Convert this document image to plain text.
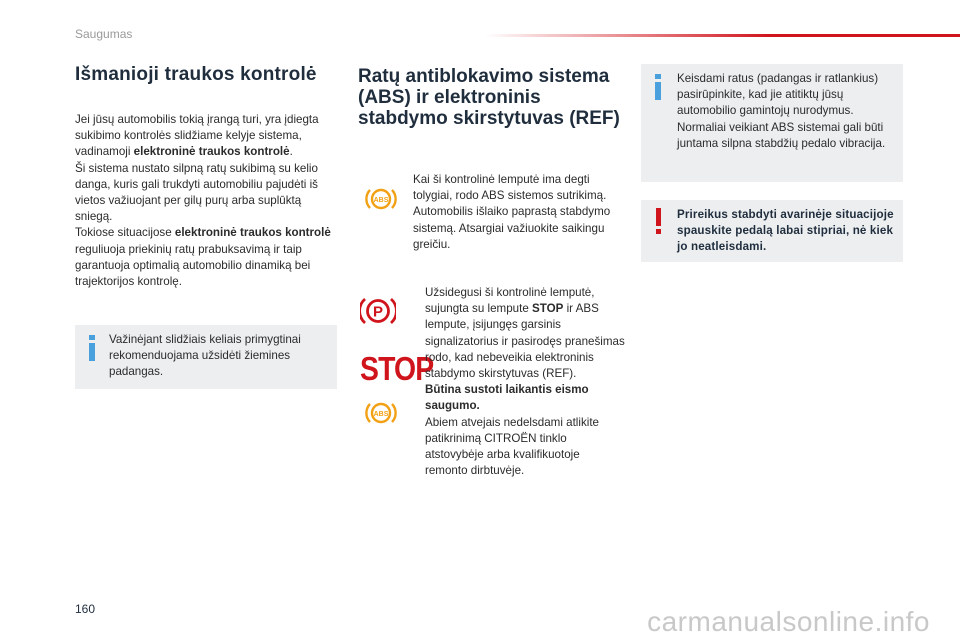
Saugumas
Išmanioji traukos kontrolė
Jei jūsų automobilis tokią įrangą turi, yra įdiegta sukibimo kontrolės slidžiame kelyje sistema, vadinamoji elektroninė traukos kontrolė.
Ši sistema nustato silpną ratų sukibimą su kelio danga, kuris gali trukdyti automobiliu pajudėti iš vietos važiuojant per gilų purų arba suplūktą sniegą.
Tokiose situacijose elektroninė traukos kontrolė reguliuoja priekinių ratų prabuksavimą ir taip garantuoja optimalią automobilio dinamiką bei trajektorijos kontrolę.
Važinėjant slidžiais keliais primygtinai rekomenduojama užsidėti žiemines padangas.
Ratų antiblokavimo sistema (ABS) ir elektroninis stabdymo skirstytuvas (REF)
ABS
Kai ši kontrolinė lemputė ima degti tolygiai, rodo ABS sistemos sutrikimą.
Automobilis išlaiko paprastą stabdymo sistemą. Atsargiai važiuokite saikingu greičiu.
P
STOP
ABS
Užsidegusi ši kontrolinė lemputė, sujungta su lempute STOP ir ABS lempute, įsijungęs garsinis signalizatorius ir pasirodęs pranešimas rodo, kad nebeveikia elektroninis stabdymo skirstytuvas (REF).
Būtina sustoti laikantis eismo saugumo.
Abiem atvejais nedelsdami atlikite patikrinimą CITROËN tinklo atstovybėje arba kvalifikuotoje remonto dirbtuvėje.
Keisdami ratus (padangas ir ratlankius) pasirūpinkite, kad jie atitiktų jūsų automobilio gamintojų nurodymus.
Normaliai veikiant ABS sistemai gali būti juntama silpna stabdžių pedalo vibracija.
Prireikus stabdyti avarinėje situacijoje spauskite pedalą labai stipriai, nė kiek jo neatleisdami.
160	carmanualsonline.info
